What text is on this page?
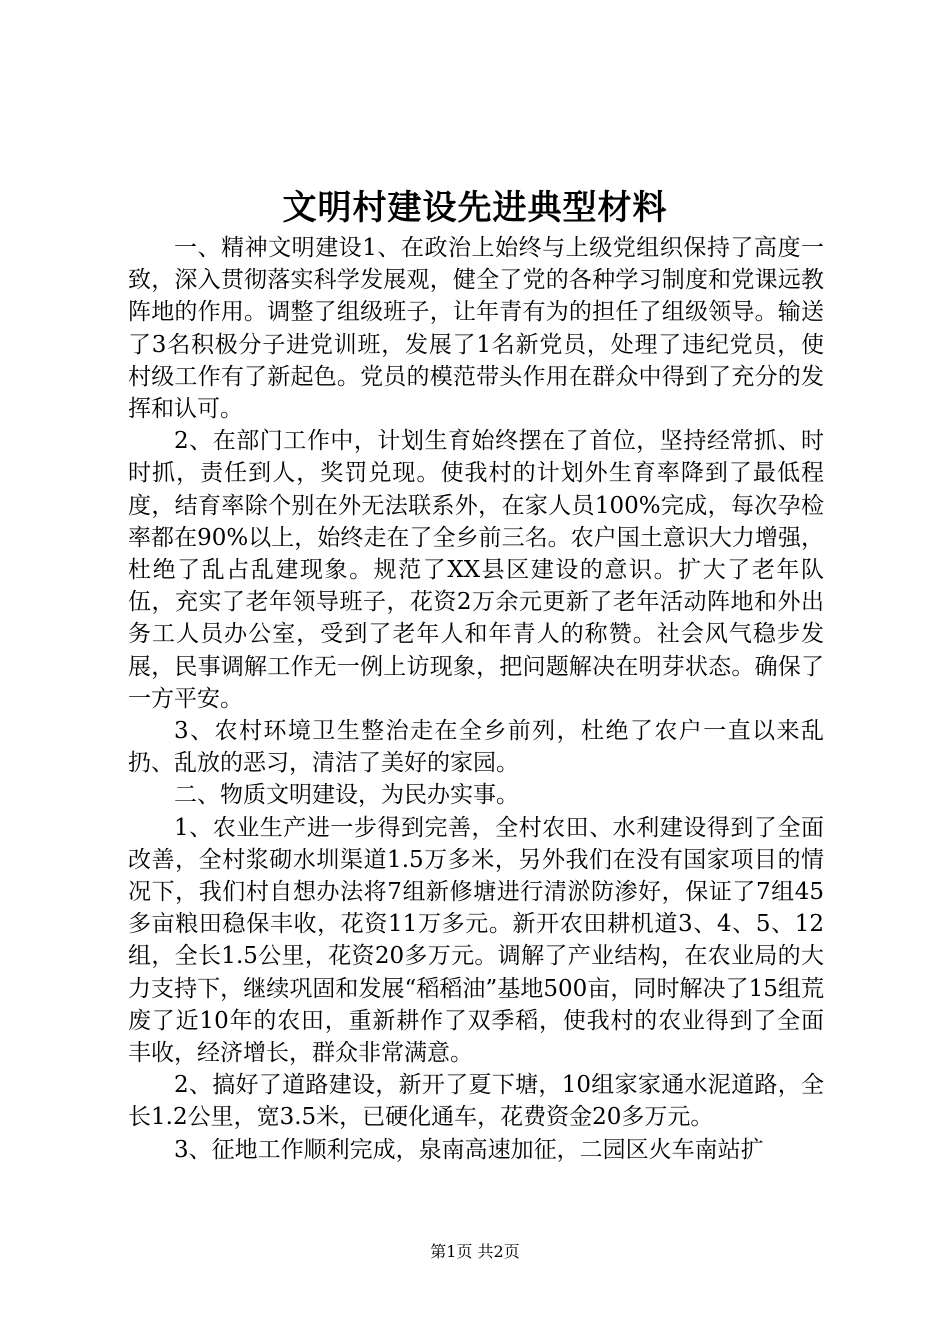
文明村建设先进典型材料

一、精神文明建设1、在政治上始终与上级党组织保持了高度一致，深入贯彻落实科学发展观，健全了党的各种学习制度和党课远教阵地的作用。调整了组级班子，让年青有为的担任了组级领导。输送了3名积极分子进党训班，发展了1名新党员，处理了违纪党员，使村级工作有了新起色。党员的模范带头作用在群众中得到了充分的发挥和认可。

2、在部门工作中，计划生育始终摆在了首位，坚持经常抓、时时抓，责任到人，奖罚兑现。使我村的计划外生育率降到了最低程度，结育率除个别在外无法联系外，在家人员100%完成，每次孕检率都在90%以上，始终走在了全乡前三名。农户国土意识大力增强，杜绝了乱占乱建现象。规范了XX县区建设的意识。扩大了老年队伍，充实了老年领导班子，花资2万余元更新了老年活动阵地和外出务工人员办公室，受到了老年人和年青人的称赞。社会风气稳步发展，民事调解工作无一例上访现象，把问题解决在明芽状态。确保了一方平安。

3、农村环境卫生整治走在全乡前列，杜绝了农户一直以来乱扔、乱放的恶习，清洁了美好的家园。

二、物质文明建设，为民办实事。

1、农业生产进一步得到完善，全村农田、水利建设得到了全面改善，全村浆砌水圳渠道1.5万多米，另外我们在没有国家项目的情况下，我们村自想办法将7组新修塘进行清淤防渗好，保证了7组45多亩粮田稳保丰收，花资11万多元。新开农田耕机道3、4、5、12组，全长1.5公里，花资20多万元。调解了产业结构，在农业局的大力支持下，继续巩固和发展“稻稻油”基地500亩，同时解决了15组荒废了近10年的农田，重新耕作了双季稻，使我村的农业得到了全面丰收，经济增长，群众非常满意。

2、搞好了道路建设，新开了夏下塘，10组家家通水泥道路，全长1.2公里，宽3.5米，已硬化通车，花费资金20多万元。

3、征地工作顺利完成，泉南高速加征，二园区火车南站扩

第1页 共2页
